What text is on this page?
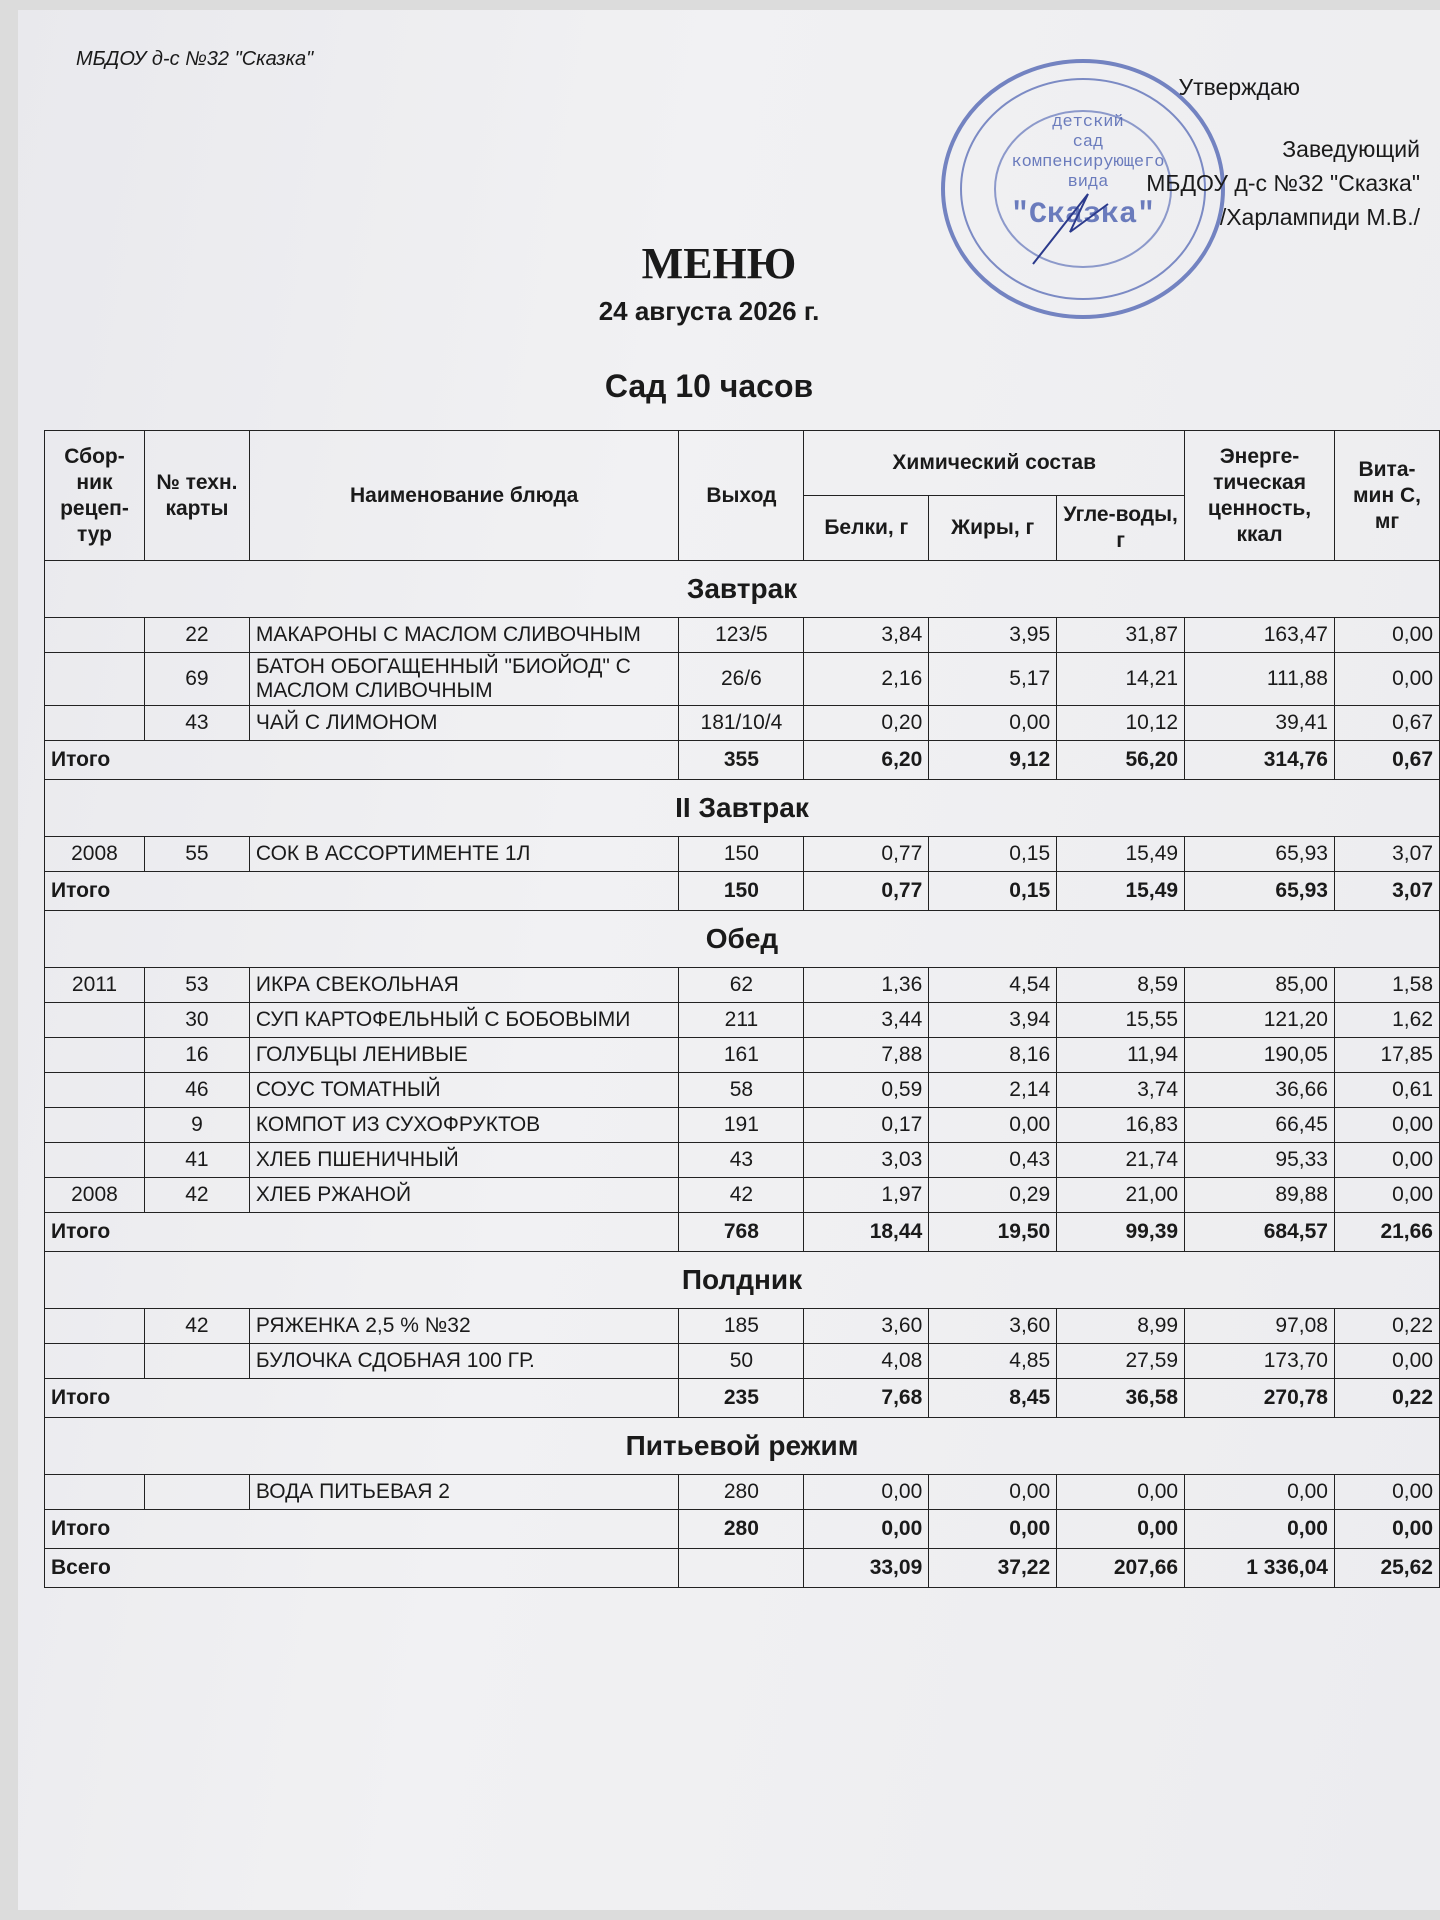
МБДОУ д-с №32 "Сказка"
детский
сад
компенсирующего
вида
"Сказка"
Утверждаю
Заведующий
МБДОУ д-с №32 "Сказка"
/Харлампиди М.В./
МЕНЮ
24 августа 2026 г.
Сад 10 часов
Сбор-ник рецеп-тур	№ техн. карты	Наименование блюда	Выход	Химический состав			Энерге-тическая ценность, ккал	Вита-мин С, мг
				Белки, г	Жиры, г	Угле-воды, г		
Завтрак								
	22	МАКАРОНЫ С МАСЛОМ СЛИВОЧНЫМ	123/5	3,84	3,95	31,87	163,47	0,00
	69	БАТОН ОБОГАЩЕННЫЙ "БИОЙОД" С МАСЛОМ СЛИВОЧНЫМ	26/6	2,16	5,17	14,21	111,88	0,00
	43	ЧАЙ С ЛИМОНОМ	181/10/4	0,20	0,00	10,12	39,41	0,67
Итого			355	6,20	9,12	56,20	314,76	0,67
II Завтрак								
2008	55	СОК В АССОРТИМЕНТЕ 1Л	150	0,77	0,15	15,49	65,93	3,07
Итого			150	0,77	0,15	15,49	65,93	3,07
Обед								
2011	53	ИКРА СВЕКОЛЬНАЯ	62	1,36	4,54	8,59	85,00	1,58
	30	СУП КАРТОФЕЛЬНЫЙ С БОБОВЫМИ	211	3,44	3,94	15,55	121,20	1,62
	16	ГОЛУБЦЫ ЛЕНИВЫЕ	161	7,88	8,16	11,94	190,05	17,85
	46	СОУС ТОМАТНЫЙ	58	0,59	2,14	3,74	36,66	0,61
	9	КОМПОТ ИЗ СУХОФРУКТОВ	191	0,17	0,00	16,83	66,45	0,00
	41	ХЛЕБ ПШЕНИЧНЫЙ	43	3,03	0,43	21,74	95,33	0,00
2008	42	ХЛЕБ РЖАНОЙ	42	1,97	0,29	21,00	89,88	0,00
Итого			768	18,44	19,50	99,39	684,57	21,66
Полдник								
	42	РЯЖЕНКА 2,5 % №32	185	3,60	3,60	8,99	97,08	0,22
		БУЛОЧКА СДОБНАЯ 100 ГР.	50	4,08	4,85	27,59	173,70	0,00
Итого			235	7,68	8,45	36,58	270,78	0,22
Питьевой режим								
		ВОДА ПИТЬЕВАЯ 2	280	0,00	0,00	0,00	0,00	0,00
Итого			280	0,00	0,00	0,00	0,00	0,00
Всего				33,09	37,22	207,66	1 336,04	25,62
